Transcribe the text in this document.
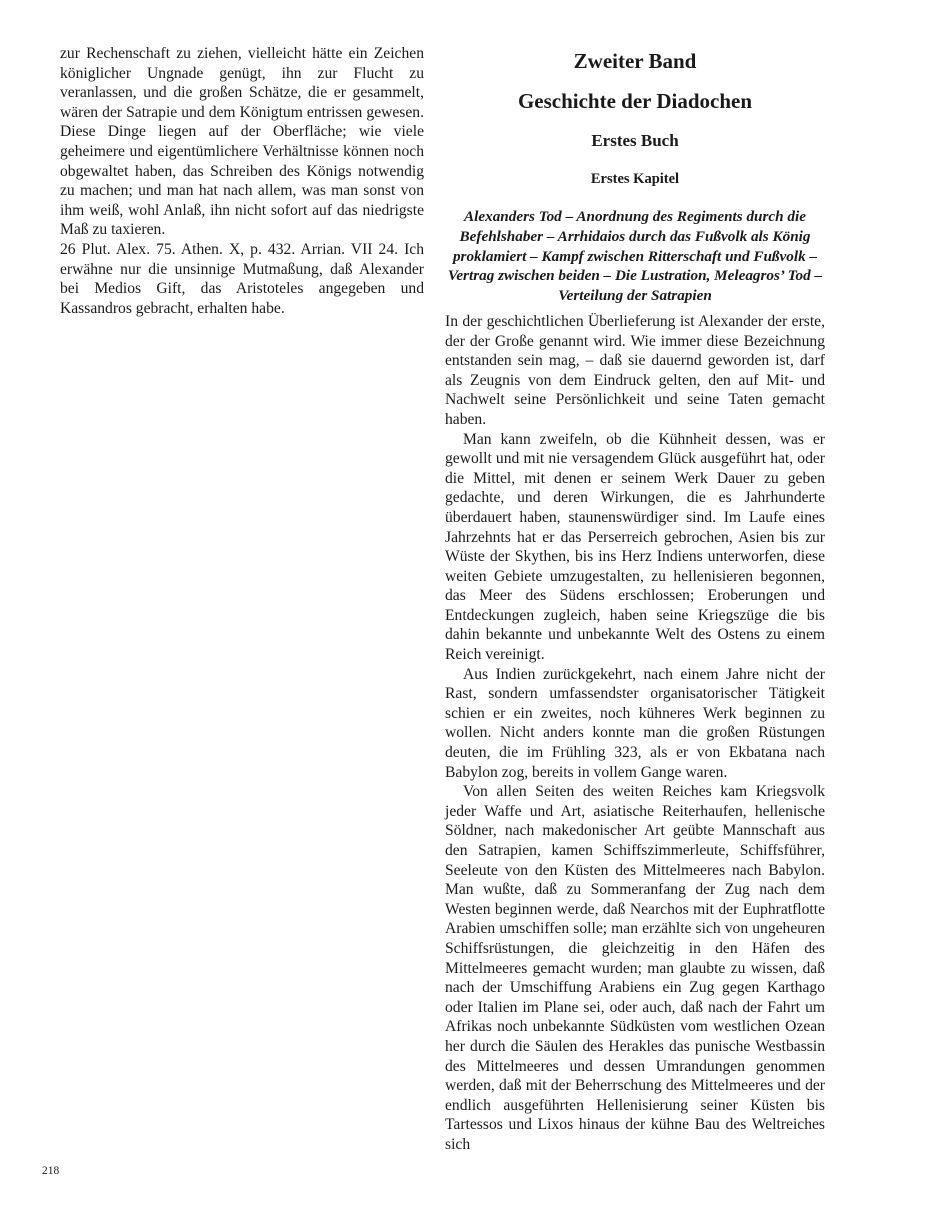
zur Rechenschaft zu ziehen, vielleicht hätte ein Zeichen königlicher Ungnade genügt, ihn zur Flucht zu veranlassen, und die großen Schätze, die er gesammelt, wären der Satrapie und dem Königtum entrissen gewesen. Diese Dinge liegen auf der Oberfläche; wie viele geheimere und eigentümlichere Verhältnisse können noch obgewaltet haben, das Schreiben des Königs notwendig zu machen; und man hat nach allem, was man sonst von ihm weiß, wohl Anlaß, ihn nicht sofort auf das niedrigste Maß zu taxieren.

26 Plut. Alex. 75. Athen. X, p. 432. Arrian. VII 24. Ich erwähne nur die unsinnige Mutmaßung, daß Alexander bei Medios Gift, das Aristoteles angegeben und Kassandros gebracht, erhalten habe.

Zweiter Band
Geschichte der Diadochen
Erstes Buch
Erstes Kapitel
Alexanders Tod – Anordnung des Regiments durch die Befehlshaber – Arrhidaios durch das Fußvolk als König proklamiert – Kampf zwischen Ritterschaft und Fußvolk – Vertrag zwischen beiden – Die Lustration, Meleagros’ Tod – Verteilung der Satrapien

In der geschichtlichen Überlieferung ist Alexander der erste, der der Große genannt wird. Wie immer diese Bezeichnung entstanden sein mag, – daß sie dauernd geworden ist, darf als Zeugnis von dem Eindruck gelten, den auf Mit- und Nachwelt seine Persönlichkeit und seine Taten gemacht haben.

Man kann zweifeln, ob die Kühnheit dessen, was er gewollt und mit nie versagendem Glück ausgeführt hat, oder die Mittel, mit denen er seinem Werk Dauer zu geben gedachte, und deren Wirkungen, die es Jahrhunderte überdauert haben, staunenswürdiger sind. Im Laufe eines Jahrzehnts hat er das Perserreich gebrochen, Asien bis zur Wüste der Skythen, bis ins Herz Indiens unterworfen, diese weiten Gebiete umzugestalten, zu hellenisieren begonnen, das Meer des Südens erschlossen; Eroberungen und Entdeckungen zugleich, haben seine Kriegszüge die bis dahin bekannte und unbekannte Welt des Ostens zu einem Reich vereinigt.

Aus Indien zurückgekehrt, nach einem Jahre nicht der Rast, sondern umfassendster organisatorischer Tätigkeit schien er ein zweites, noch kühneres Werk beginnen zu wollen. Nicht anders konnte man die großen Rüstungen deuten, die im Frühling 323, als er von Ekbatana nach Babylon zog, bereits in vollem Gange waren.

Von allen Seiten des weiten Reiches kam Kriegsvolk jeder Waffe und Art, asiatische Reiterhaufen, hellenische Söldner, nach makedonischer Art geübte Mannschaft aus den Satrapien, kamen Schiffszimmerleute, Schiffsführer, Seeleute von den Küsten des Mittelmeeres nach Babylon. Man wußte, daß zu Sommeranfang der Zug nach dem Westen beginnen werde, daß Nearchos mit der Euphratflotte Arabien umschiffen solle; man erzählte sich von ungeheuren Schiffsrüstungen, die gleichzeitig in den Häfen des Mittelmeeres gemacht wurden; man glaubte zu wissen, daß nach der Umschiffung Arabiens ein Zug gegen Karthago oder Italien im Plane sei, oder auch, daß nach der Fahrt um Afrikas noch unbekannte Südküsten vom westlichen Ozean her durch die Säulen des Herakles das punische Westbassin des Mittelmeeres und dessen Umrandungen genommen werden, daß mit der Beherrschung des Mittelmeeres und der endlich ausgeführten Hellenisierung seiner Küsten bis Tartessos und Lixos hinaus der kühne Bau des Weltreiches sich

218
